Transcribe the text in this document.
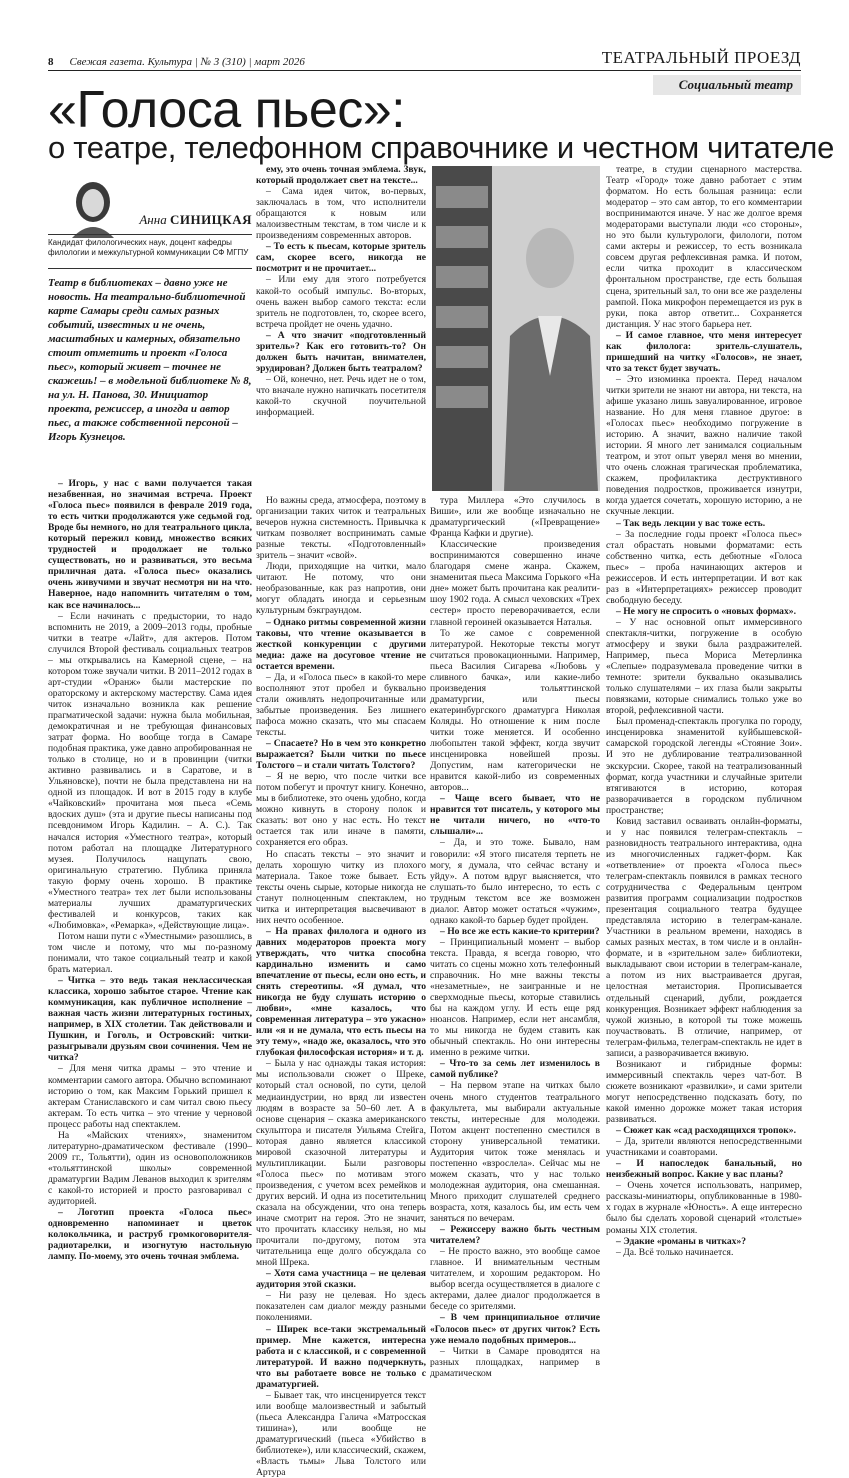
8 Свежая газета. Культура | № 3 (310) | март 2026	ТЕАТРАЛЬНЫЙ ПРОЕЗД
Социальный театр
«Голоса пьес»:
о театре, телефонном справочнике и честном читателе
Анна СИНИЦКАЯ
Кандидат филологических наук, доцент кафедры филологии и межкультурной коммуникации СФ МГПУ
Театр в библиотеках – давно уже не новость. На театрально-библиотечной карте Самары среди самых разных событий, известных и не очень, масштабных и камерных, обязательно стоит отметить и проект «Голоса пьес», который живет – точнее не скажешь! – в модельной библиотеке № 8, на ул. Н. Панова, 30. Инициатор проекта, режиссер, а иногда и автор пьес, а также собственной персоной – Игорь Кузнецов.

– Игорь, у нас с вами получается такая незабвенная, но значимая встреча. Проект «Голоса пьес» появился в феврале 2019 года, то есть читки продолжаются уже седьмой год. Вроде бы немного, но для театрального цикла, который пережил ковид, множество всяких трудностей и продолжает не только существовать, но и развиваться, это весьма приличная дата. «Голоса пьес» оказались очень живучими и звучат несмотря ни на что. Наверное, надо напомнить читателям о том, как все начиналось...

– Если начинать с предыстории, то надо вспомнить не 2019, а 2009–2013 годы, пробные читки в театре «Лайт», для актеров. Потом случился Второй фестиваль социальных театров – мы открывались на Камерной сцене, – на котором тоже звучали читки. В 2011–2012 годах в арт-студии «Оранж» были мастерские по ораторскому и актерскому мастерству. Сама идея читок изначально возникла как решение прагматической задачи: нужна была мобильная, демократичная и не требующая финансовых затрат форма. Но вообще тогда в Самаре подобная практика, уже давно апробированная не только в столице, но и в провинции (читки активно развивались и в Саратове, и в Ульяновске), почти не была представлена ни на одной из площадок. И вот в 2015 году в клубе «Чайковский» прочитана моя пьеса «Семь вдоских душ» (эта и другие пьесы написаны под псевдонимом Игорь Кадилин. – А. С.). Так начался история «Уместного театра», который потом работал на площадке Литературного музея. Получилось нащупать свою, оригинальную стратегию. Публика приняла такую форму очень хорошо. В практике «Уместного театра» тех лет были использованы материалы лучших драматургических фестивалей и конкурсов, таких как «Любимовка», «Ремарка», «Действующие лица».

Потом наши пути с «Уместными» разошлись, в том числе и потому, что мы по-разному понимали, что такое социальный театр и какой брать материал.

– Читка – это ведь такая неклассическая классика, хорошо забытое старое. Чтение как коммуникация, как публичное исполнение – важная часть жизни литературных гостиных, например, в XIX столетии. Так действовали и Пушкин, и Гоголь, и Островский: читки-разыгрывали друзьям свои сочинения. Чем не читка?

– Для меня читка драмы – это чтение и комментарии самого автора. Обычно вспоминают историю о том, как Максим Горький пришел к актерам Станиславского и сам читал свою пьесу актерам. То есть читка – это чтение у черновой процесс работы над спектаклем.

На «Майских чтениях», знаменитом литературно-драматическом фестивале (1990–2009 гг., Тольятти), один из основоположников «тольяттинской школы» современной драматургии Вадим Леванов выходил к зрителям с какой-то историей и просто разговаривал с аудиторией.

– Логотип проекта «Голоса пьес» одновременно напоминает и цветок колокольчика, и раструб громкоговорителя-радиотарелки, и изогнутую настольную лампу. По-моему, это очень точная эмблема.

ему, это очень точная эмблема. Звук, который продолжает свет на тексте...

– Сама идея читок, во-первых, заключалась в том, что исполнители обращаются к новым или малоизвестным текстам, в том числе и к произведениям современных авторов.

– То есть к пьесам, которые зритель сам, скорее всего, никогда не посмотрит и не прочитает...

– Или ему для этого потребуется какой-то особый импульс. Во-вторых, очень важен выбор самого текста: если зритель не подготовлен, то, скорее всего, встреча пройдет не очень удачно.

– А что значит «подготовленный зритель»? Как его готовить-то? Он должен быть начитан, внимателен, эрудирован? Должен быть театралом?

– Ой, конечно, нет. Речь идет не о том, что вначале нужно напичкать посетителя какой-то скучной поучительной информацией.

Но важны среда, атмосфера, поэтому в организации таких читок и театральных вечеров нужна системность. Привычка к читкам позволяет воспринимать самые разные тексты. «Подготовленный» зритель – значит «свой».

Люди, приходящие на читки, мало читают. Не потому, что они необразованные, как раз напротив, они могут обладать иногда и серьезным культурным бэкграундом.

– Однако ритмы современной жизни таковы, что чтение оказывается в жесткой конкуренции с другими медиа: даже на досуговое чтение не остается времени.

– Да, и «Голоса пьес» в какой-то мере восполняют этот пробел и буквально стали оживлять недопрочитанные или забытые произведения. Без лишнего пафоса можно сказать, что мы спасаем тексты.

– Спасаете? Но в чем это конкретно выражается? Были читки по пьесе Толстого – и стали читать Толстого?

– Я не верю, что после читки все потом побегут и прочтут книгу. Конечно, мы в библиотеке, это очень удобно, когда можно кивнуть в сторону полок и сказать: вот оно у нас есть. Но текст остается так или иначе в памяти, сохраняется его образ.

Но спасать тексты – это значит и делать хорошую читку из плохого материала. Такое тоже бывает. Есть тексты очень сырые, которые никогда не станут полноценным спектаклем, но читка и интерпретация высвечивают в них нечто особенное.

– На правах филолога и одного из давних модераторов проекта могу утверждать, что читка способна кардинально изменить и само впечатление от пьесы, если оно есть, и снять стереотипы. «Я думал, что никогда не буду слушать историю о любви», «мне казалось, что современная литература – это ужасно» или «я и не думала, что есть пьесы на эту тему», «надо же, оказалось, что это глубокая философская история» и т. д.

– Была у нас однажды такая история: мы использовали сюжет о Шреке, который стал основой, по сути, целой медиаиндустрии, но вряд ли известен людям в возрасте за 50–60 лет. А в основе сценария – сказка американского скульптора и писателя Уильяма Стейга, которая давно является классикой мировой сказочной литературы и мультипликации. Были разговоры «Голоса пьес» по мотивам этого произведения, с учетом всех ремейков и других версий. И одна из посетительниц сказала на обсуждении, что она теперь иначе смотрит на героя. Это не значит, что прочитать классику нельзя, но мы прочитали по-другому, потом эта читательница еще долго обсуждала со мной Шрека.

– Хотя сама участница – не целевая аудитория этой сказки.

– Ни разу не целевая. Но здесь показателен сам диалог между разными поколениями.

– Ширек все-таки экстремальный пример. Мне кажется, интересна работа и с классикой, и с современной литературой. И важно подчеркнуть, что вы работаете вовсе не только с драматургией.

– Бывает так, что инсценируется текст или вообще малоизвестный и забытый (пьеса Александра Галича «Матросская тишина»), или вообще не драматургический (пьеса «Убийство в библиотеке»), или классический, скажем, «Власть тьмы» Льва Толстого или Артура

тура Миллера «Это случилось в Виши», или же вообще изначально не драматургический («Превращение» Франца Кафки и другие).

Классические произведения воспринимаются совершенно иначе благодаря смене жанра. Скажем, знаменитая пьеса Максима Горького «На дне» может быть прочитана как реалити-шоу 1902 года. А смысл чеховских «Трех сестер» просто переворачивается, если главной героиней оказывается Наталья.

То же самое с современной литературой. Некоторые тексты могут считаться провокационными. Например, пьеса Василия Сигарева «Любовь у сливного бачка», или какие-либо произведения тольяттинской драматургии, или пьесы екатеринбургского драматурга Николая Коляды. Но отношение к ним после читки тоже меняется. И особенно любопытен такой эффект, когда звучит инсценировка новейшей прозы. Допустим, нам категорически не нравится какой-либо из современных авторов...

– Чаще всего бывает, что не нравится тот писатель, у которого мы не читали ничего, но «что-то слышали»...

– Да, и это тоже. Бывало, нам говорили: «Я этого писателя терпеть не могу, я думала, что сейчас встану и уйду». А потом вдруг выясняется, что слушать-то было интересно, то есть с трудным текстом все же возможен диалог. Автор может остаться «чужим», однако какой-то барьер будет пройден.

– Но все же есть какие-то критерии?

– Принципиальный момент – выбор текста. Правда, я всегда говорю, что читать со сцены можно хоть телефонный справочник. Но мне важны тексты «незаметные», не заигранные и не сверхмодные пьесы, которые ставились бы на каждом углу. И есть еще ряд нюансов. Например, если нет ансамбля, то мы никогда не будем ставить как обычный спектакль. Но они интересны именно в режиме читки.

– Что-то за семь лет изменилось в самой публике?

– На первом этапе на читках было очень много студентов театрального факультета, мы выбирали актуальные тексты, интересные для молодежи. Потом акцент постепенно сместился в сторону универсальной тематики. Аудитория читок тоже менялась и постепенно «взрослела». Сейчас мы не можем сказать, что у нас только молодежная аудитория, она смешанная. Много приходит слушателей среднего возраста, хотя, казалось бы, им есть чем заняться по вечерам.

– Режиссеру важно быть честным читателем?

– Не просто важно, это вообще самое главное. И внимательным честным читателем, и хорошим редактором. Но выбор всегда осуществляется в диалоге с актерами, далее диалог продолжается в беседе со зрителями.

– В чем принципиальное отличие «Голосов пьес» от других читок? Есть уже немало подобных примеров...

– Читки в Самаре проводятся на разных площадках, например в драматическом

театре, в студии сценарного мастерства. Театр «Город» тоже давно работает с этим форматом. Но есть большая разница: если модератор – это сам автор, то его комментарии воспринимаются иначе. У нас же долгое время модераторами выступали люди «со стороны», но это были культурологи, филологи, потом сами актеры и режиссер, то есть возникала совсем другая рефлексивная рамка. И потом, если читка проходит в классическом фронтальном пространстве, где есть большая сцена, зрительный зал, то они все же разделены рампой. Пока микрофон перемещается из рук в руки, пока автор ответит... Сохраняется дистанция. У нас этого барьера нет.

– И самое главное, что меня интересует как филолога: зритель-слушатель, пришедший на читку «Голосов», не знает, что за текст будет звучать.

– Это изюминка проекта. Перед началом читки зрители не знают ни автора, ни текста, на афише указано лишь завуалированное, игровое название. Но для меня главное другое: в «Голосах пьес» необходимо погружение в историю. А значит, важно наличие такой истории. Я много лет занимался социальным театром, и этот опыт уверял меня во мнении, что очень сложная трагическая проблематика, скажем, профилактика деструктивного поведения подростков, проживается изнутри, когда удается сочетать, хорошую историю, а не скучные лекции.

– Так ведь лекции у вас тоже есть.

– За последние годы проект «Голоса пьес» стал обрастать новыми форматами: есть собственно читка, есть дебютные «Голоса пьес» – проба начинающих актеров и режиссеров. И есть интерпретации. И вот как раз в «Интерпретациях» режиссер проводит свободную беседу.

– Не могу не спросить о «новых формах».

– У нас основной опыт иммерсивного спектакля-читки, погружение в особую атмосферу и звуки была раздражителей. Например, пьеса Мориса Метерлинка «Слепые» подразумевала проведение читки в темноте: зрители буквально оказывались только слушателями – их глаза были закрыты повязками, которые снимались только уже во второй, рефлексивной части.

Был променад-спектакль прогулка по городу, инсценировка знаменитой куйбышевской-самарской городской легенды «Стояние Зои». И это не дублирование театрализованной экскурсии. Скорее, такой на театрализованный формат, когда участники и случайные зрители втягиваются в историю, которая разворачивается в городском публичном пространстве;

Ковид заставил осваивать онлайн-форматы, и у нас появился телеграм-спектакль – разновидность театрального интерактива, одна из многочисленных гаджет-форм. Как «ответвление» от проекта «Голоса пьес» телеграм-спектакль появился в рамках тесного сотрудничества с Федеральным центром развития программ социализации подростков презентация социального театра будущее представляла историю в телеграм-канале. Участники в реальном времени, находясь в самых разных местах, в том числе и в онлайн-формате, и в «зрительном зале» библиотеки, выкладывают свои истории в телеграм-канале, а потом из них выстраивается другая, целостная метаистория. Прописывается отдельный сценарий, дубли, рождается конкуренция. Возникает эффект наблюдения за чужой жизнью, в которой ты тоже можешь поучаствовать. В отличие, например, от телеграм-фильма, телеграм-спектакль не идет в записи, а разворачивается вживую.

Возникают и гибридные формы: иммерсивный спектакль через чат-бот. В сюжете возникают «развилки», и сами зрители могут непосредственно подсказать боту, по какой именно дорожке может такая история развиваться.

– Сюжет как «сад расходящихся тропок».

– Да, зрители являются непосредственными участниками и соавторами.

– И напоследок банальный, но неизбежный вопрос. Какие у вас планы?

– Очень хочется использовать, например, рассказы-миниатюры, опубликованные в 1980-х годах в журнале «Юность». А еще интересно было бы сделать хоровой сценарий «толстые» романы XIX столетия.

– Эдакие «романы в читках»?

– Да. Всё только начинается.
